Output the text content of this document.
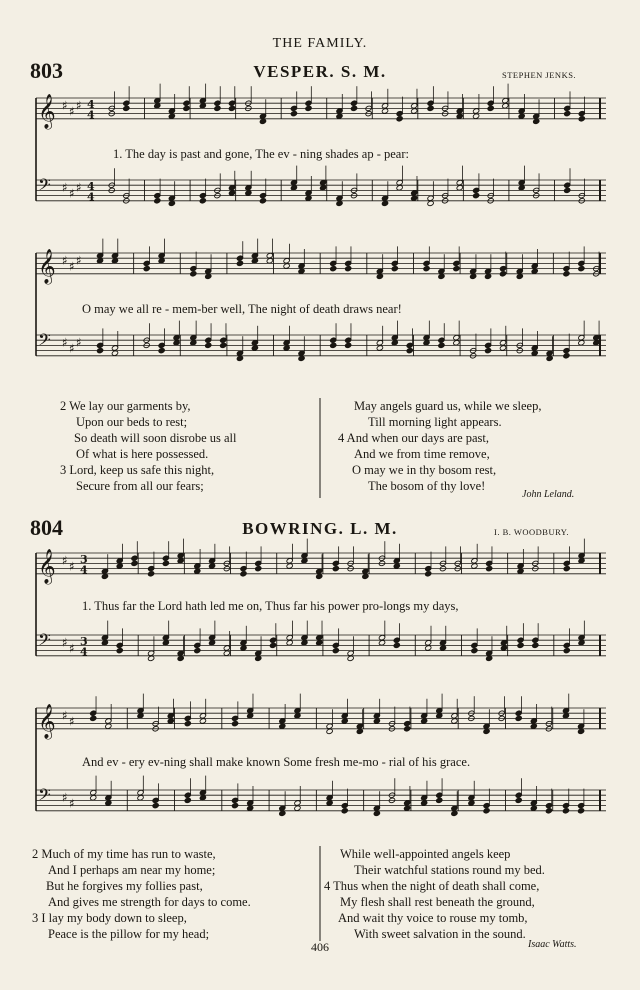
THE FAMILY.
803	VESPER. S. M.	STEPHEN JENKS.
𝄞 ♯ ♯ ♯ 4
4
𝄢 ♯ ♯ ♯ 4
4
1. The day is past and gone, The ev - ning shades ap - pear:
𝄞 ♯ ♯ ♯
𝄢 ♯ ♯ ♯
O may we all re - mem-ber well, The night of death draws near!
2 We lay our garments by,
Upon our beds to rest;
So death will soon disrobe us all
Of what is here possessed.
3 Lord, keep us safe this night,
Secure from all our fears;
May angels guard us, while we sleep,
Till morning light appears.
4 And when our days are past,
And we from time remove,
O may we in thy bosom rest,
The bosom of thy love!
John Leland.
804	BOWRING. L. M.	I. B. WOODBURY.
𝄞 ♯ ♯
3
4
𝄢 ♯ ♯
3
4
1. Thus far the Lord hath led me on, Thus far his power pro-longs my days,
𝄞 ♯ ♯
𝄢 ♯ ♯
And ev - ery ev-ning shall make known Some fresh me-mo - rial of his grace.
2 Much of my time has run to waste,
And I perhaps am near my home;
But he forgives my follies past,
And gives me strength for days to come.
3 I lay my body down to sleep,
Peace is the pillow for my head;
While well-appointed angels keep
Their watchful stations round my bed.
4 Thus when the night of death shall come,
My flesh shall rest beneath the ground,
And wait thy voice to rouse my tomb,
With sweet salvation in the sound.
Isaac Watts.
406
